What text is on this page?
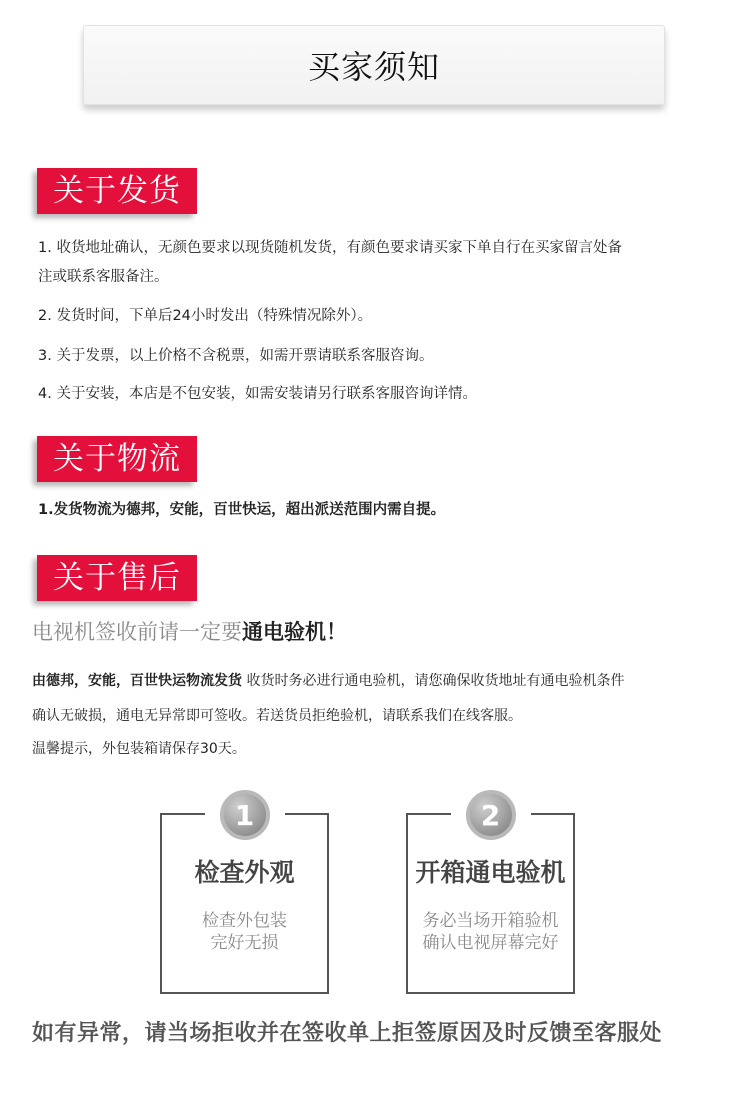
买家须知
关于发货
1. 收货地址确认，无颜色要求以现货随机发货，有颜色要求请买家下单自行在买家留言处备
注或联系客服备注。
2. 发货时间，下单后24小时发出（特殊情况除外）。
3. 关于发票，以上价格不含税票，如需开票请联系客服咨询。
4. 关于安装，本店是不包安装，如需安装请另行联系客服咨询详情。
关于物流
1.发货物流为德邦，安能，百世快运，超出派送范围内需自提。
关于售后
电视机签收前请一定要通电验机！
由德邦，安能，百世快运物流发货 收货时务必进行通电验机，请您确保收货地址有通电验机条件
确认无破损，通电无异常即可签收。若送货员拒绝验机，请联系我们在线客服。
温馨提示，外包装箱请保存30天。
1
检查外观
检查外包装
完好无损
2
开箱通电验机
务必当场开箱验机
确认电视屏幕完好
如有异常，请当场拒收并在签收单上拒签原因及时反馈至客服处
